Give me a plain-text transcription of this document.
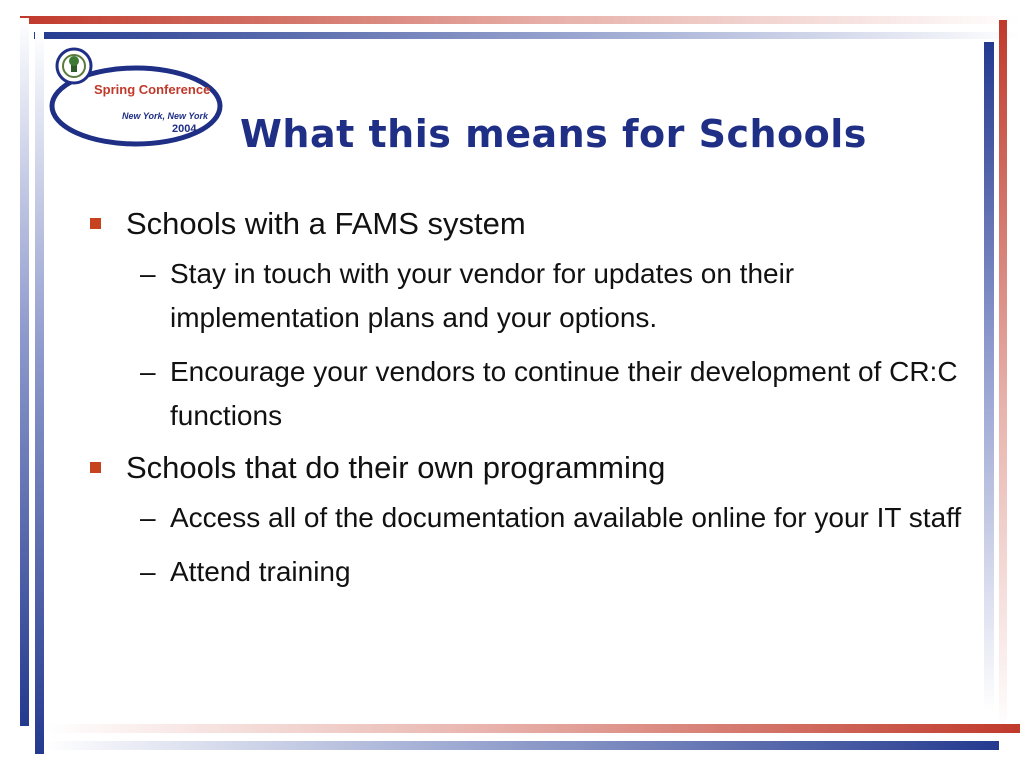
Spring Conference
New York, New York
2004 What this means for Schools
Schools with a FAMS system
– Stay in touch with your vendor for updates on their implementation plans and your options.
– Encourage your vendors to continue their development of CR:C functions
Schools that do their own programming
– Access all of the documentation available online for your IT staff
– Attend training
